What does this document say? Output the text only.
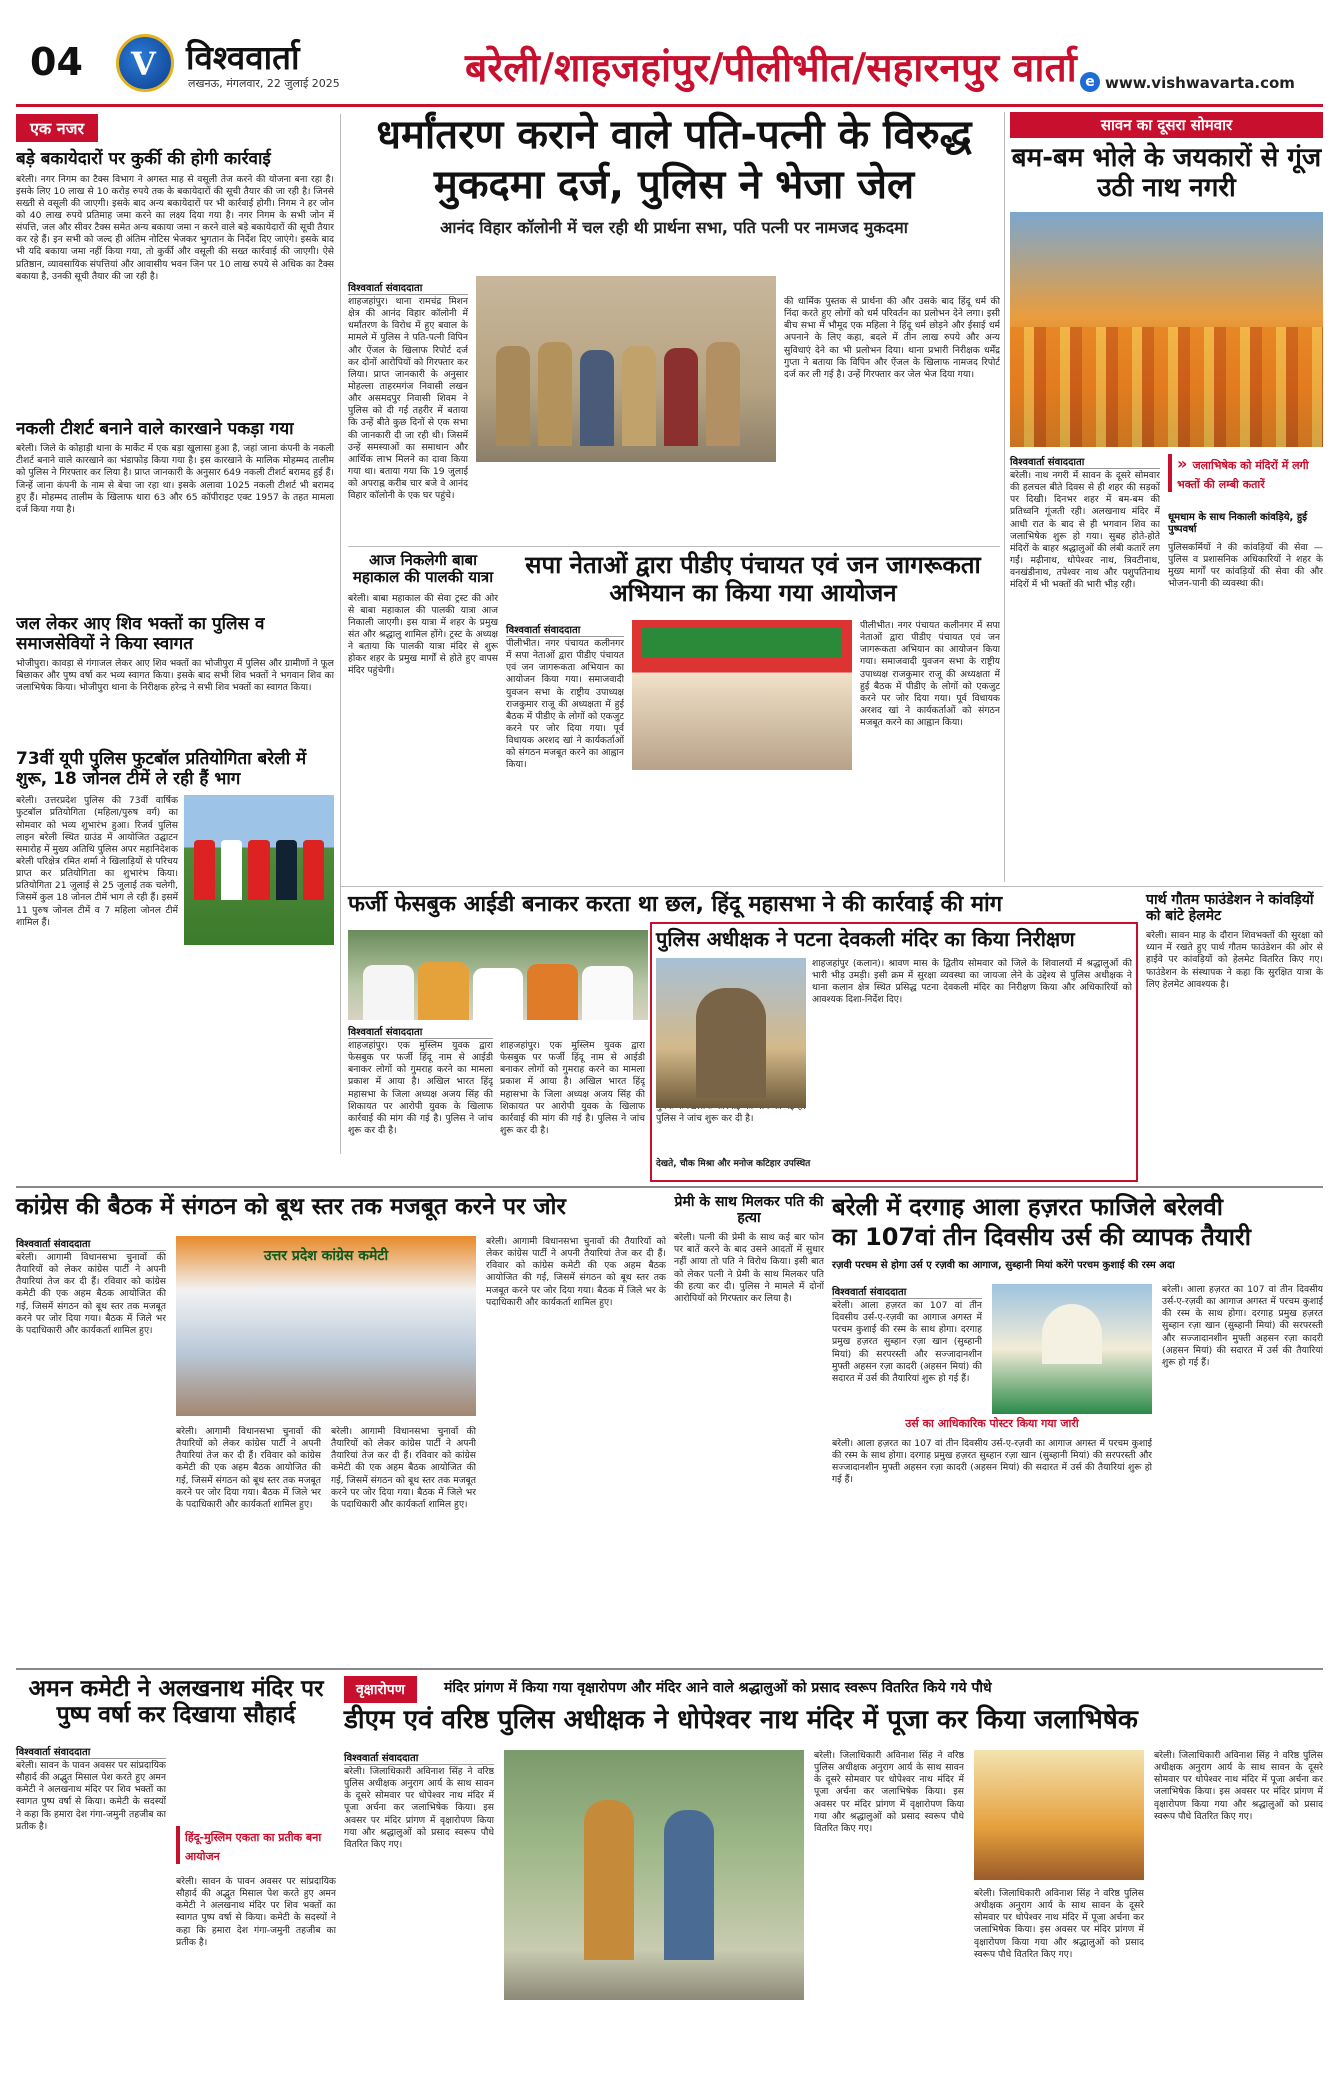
04 V विश्ववार्ता
लखनऊ, मंगलवार, 22 जुलाई 2025	बरेली/शाहजहांपुर/पीलीभीत/सहारनपुर वार्ता e www.vishwavarta.com
एक नजर
बड़े बकायेदारों पर कुर्की की होगी कार्रवाई
बरेली। नगर निगम का टैक्स विभाग ने अगस्त माह से वसूली तेज करने की योजना बना रहा है। इसके लिए 10 लाख से 10 करोड़ रुपये तक के बकायेदारों की सूची तैयार की जा रही है। जिनसे सख्ती से वसूली की जाएगी। इसके बाद अन्य बकायेदारों पर भी कार्रवाई होगी। निगम ने हर जोन को 40 लाख रुपये प्रतिमाह जमा करने का लक्ष्य दिया गया है। नगर निगम के सभी जोन में संपत्ति, जल और सीवर टैक्स समेत अन्य बकाया जमा न करने वाले बड़े बकायेदारों की सूची तैयार कर रहे हैं। इन सभी को जल्द ही अंतिम नोटिस भेजकर भुगतान के निर्देश दिए जाएंगे। इसके बाद भी यदि बकाया जमा नहीं किया गया, तो कुर्की और वसूली की सख्त कार्रवाई की जाएगी। ऐसे प्रतिष्ठान, व्यावसायिक संपत्तियां और आवासीय भवन जिन पर 10 लाख रुपये से अधिक का टैक्स बकाया है, उनकी सूची तैयार की जा रही है।
नकली टीशर्ट बनाने वाले कारखाने पकड़ा गया
बरेली। जिले के कोहाड़ी थाना के मार्केट में एक बड़ा खुलासा हुआ है, जहां जाना कंपनी के नकली टीशर्ट बनाने वाले कारखाने का भंडाफोड़ किया गया है। इस कारखाने के मालिक मोहम्मद तालीम को पुलिस ने गिरफ्तार कर लिया है। प्राप्त जानकारी के अनुसार 649 नकली टीशर्ट बरामद हुई हैं। जिन्हें जाना कंपनी के नाम से बेचा जा रहा था। इसके अलावा 1025 नकली टीशर्ट भी बरामद हुए हैं। मोहम्मद तालीम के खिलाफ धारा 63 और 65 कॉपीराइट एक्ट 1957 के तहत मामला दर्ज किया गया है।
जल लेकर आए शिव भक्तों का पुलिस व समाजसेवियों ने किया स्वागत
भोजीपुरा। कावड़ा से गंगाजल लेकर आए शिव भक्तों का भोजीपुरा में पुलिस और ग्रामीणों ने फूल बिछाकर और पुष्प वर्षा कर भव्य स्वागत किया। इसके बाद सभी शिव भक्तों ने भगवान शिव का जलाभिषेक किया। भोजीपुरा थाना के निरीक्षक हरेन्द्र ने सभी शिव भक्तों का स्वागत किया।
73वीं यूपी पुलिस फुटबॉल प्रतियोगिता बरेली में शुरू, 18 जोनल टीमें ले रही हैं भाग
बरेली। उत्तरप्रदेश पुलिस की 73वीं वार्षिक फुटबॉल प्रतियोगिता (महिला/पुरुष वर्ग) का सोमवार को भव्य शुभारंभ हुआ। रिजर्व पुलिस लाइन बरेली स्थित ग्राउंड में आयोजित उद्घाटन समारोह में मुख्य अतिथि पुलिस अपर महानिदेशक बरेली परिक्षेत्र रमित शर्मा ने खिलाड़ियों से परिचय प्राप्त कर प्रतियोगिता का शुभारंभ किया। प्रतियोगिता 21 जुलाई से 25 जुलाई तक चलेगी, जिसमें कुल 18 जोनल टीमें भाग ले रही हैं। इसमें 11 पुरुष जोनल टीमें व 7 महिला जोनल टीमें शामिल हैं।
धर्मांतरण कराने वाले पति-पत्नी के विरुद्ध
मुकदमा दर्ज, पुलिस ने भेजा जेल
आनंद विहार कॉलोनी में चल रही थी प्रार्थना सभा, पति पत्नी पर नामजद मुकदमा
विश्ववार्ता संवाददाता
शाहजहांपुर। थाना रामचंद्र मिशन क्षेत्र की आनंद विहार कॉलोनी में धर्मांतरण के विरोध में हुए बवाल के मामले में पुलिस ने पति-पत्नी विपिन और ऐंजल के खिलाफ रिपोर्ट दर्ज कर दोनों आरोपियों को गिरफ्तार कर लिया। प्राप्त जानकारी के अनुसार मोहल्ला ताहरमगंज निवासी लखन और असमदपुर निवासी शिवम ने पुलिस को दी गई तहरीर में बताया कि उन्हें बीते कुछ दिनों से एक सभा की जानकारी दी जा रही थी। जिसमें उन्हें समस्याओं का समाधान और आर्थिक लाभ मिलने का दावा किया गया था। बताया गया कि 19 जुलाई को अपराह्न करीब चार बजे वे आनंद विहार कॉलोनी के एक घर पहुंचे।
की धार्मिक पुस्तक से प्रार्थना की और उसके बाद हिंदू धर्म की निंदा करते हुए लोगों को धर्म परिवर्तन का प्रलोभन देने लगा। इसी बीच सभा में भौमूद एक महिला ने हिंदू धर्म छोड़ने और ईसाई धर्म अपनाने के लिए कहा, बदले में तीन लाख रुपये और अन्य सुविधाएं देने का भी प्रलोभन दिया। थाना प्रभारी निरीक्षक धर्मेंद्र गुप्ता ने बताया कि विपिन और ऐंजल के खिलाफ नामजद रिपोर्ट दर्ज कर ली गई है। उन्हें गिरफ्तार कर जेल भेज दिया गया।
सावन का दूसरा सोमवार
बम-बम भोले के जयकारों से गूंज उठी नाथ नगरी
विश्ववार्ता संवाददाता
बरेली। नाथ नगरी में सावन के दूसरे सोमवार की हलचल बीते दिवस से ही शहर की सड़कों पर दिखी। दिनभर शहर में बम-बम की प्रतिध्वनि गूंजती रही। अलखनाथ मंदिर में आधी रात के बाद से ही भगवान शिव का जलाभिषेक शुरू हो गया। सुबह होते-होते मंदिरों के बाहर श्रद्धालुओं की लंबी कतारें लग गईं। मढ़ीनाथ, धोपेश्वर नाथ, त्रिवटीनाथ, वनखंडीनाथ, तपेश्वर नाथ और पशुपतिनाथ मंदिरों में भी भक्तों की भारी भीड़ रही।
» जलाभिषेक को मंदिरों में लगी भक्तों की लम्बी कतारें
धूमधाम के साथ निकाली कांवड़िये, हुई पुष्पवर्षा
पुलिसकर्मियों ने की कांवड़ियों की सेवा — पुलिस व प्रशासनिक अधिकारियों ने शहर के मुख्य मार्गों पर कांवड़ियों की सेवा की और भोजन-पानी की व्यवस्था की।
आज निकलेगी बाबा महाकाल की पालकी यात्रा
बरेली। बाबा महाकाल की सेवा ट्रस्ट की ओर से बाबा महाकाल की पालकी यात्रा आज निकाली जाएगी। इस यात्रा में शहर के प्रमुख संत और श्रद्धालु शामिल होंगे। ट्रस्ट के अध्यक्ष ने बताया कि पालकी यात्रा मंदिर से शुरू होकर शहर के प्रमुख मार्गों से होते हुए वापस मंदिर पहुंचेगी।
सपा नेताओं द्वारा पीडीए पंचायत एवं जन जागरूकता अभियान का किया गया आयोजन
विश्ववार्ता संवाददाता
पीलीभीत। नगर पंचायत कलीनगर में सपा नेताओं द्वारा पीडीए पंचायत एवं जन जागरूकता अभियान का आयोजन किया गया। समाजवादी युवजन सभा के राष्ट्रीय उपाध्यक्ष राजकुमार राजू की अध्यक्षता में हुई बैठक में पीडीए के लोगों को एकजुट करने पर जोर दिया गया। पूर्व विधायक अरशद खां ने कार्यकर्ताओं को संगठन मजबूत करने का आह्वान किया।
पीलीभीत। नगर पंचायत कलीनगर में सपा नेताओं द्वारा पीडीए पंचायत एवं जन जागरूकता अभियान का आयोजन किया गया। समाजवादी युवजन सभा के राष्ट्रीय उपाध्यक्ष राजकुमार राजू की अध्यक्षता में हुई बैठक में पीडीए के लोगों को एकजुट करने पर जोर दिया गया। पूर्व विधायक अरशद खां ने कार्यकर्ताओं को संगठन मजबूत करने का आह्वान किया।
फर्जी फेसबुक आईडी बनाकर करता था छल, हिंदू महासभा ने की कार्रवाई की मांग
विश्ववार्ता संवाददाता
शाहजहांपुर। एक मुस्लिम युवक द्वारा फेसबुक पर फर्जी हिंदू नाम से आईडी बनाकर लोगों को गुमराह करने का मामला प्रकाश में आया है। अखिल भारत हिंदू महासभा के जिला अध्यक्ष अजय सिंह की शिकायत पर आरोपी युवक के खिलाफ कार्रवाई की मांग की गई है। पुलिस ने जांच शुरू कर दी है।
शाहजहांपुर। एक मुस्लिम युवक द्वारा फेसबुक पर फर्जी हिंदू नाम से आईडी बनाकर लोगों को गुमराह करने का मामला प्रकाश में आया है। अखिल भारत हिंदू महासभा के जिला अध्यक्ष अजय सिंह की शिकायत पर आरोपी युवक के खिलाफ कार्रवाई की मांग की गई है। पुलिस ने जांच शुरू कर दी है।
पुलिस ने जांच शुरू कर दी है।
पुलिस अधीक्षक ने पटना देवकली मंदिर का किया निरीक्षण
शाहजहांपुर (कलान)। श्रावण मास के द्वितीय सोमवार को जिले के शिवालयों में श्रद्धालुओं की भारी भीड़ उमड़ी। इसी क्रम में सुरक्षा व्यवस्था का जायजा लेने के उद्देश्य से पुलिस अधीक्षक ने थाना कलान क्षेत्र स्थित प्रसिद्ध पटना देवकली मंदिर का निरीक्षण किया और अधिकारियों को आवश्यक दिशा-निर्देश दिए।
देखते, चौक मिश्रा और मनोज कटिहार उपस्थित
पार्थ गौतम फाउंडेशन ने कांवड़ियों को बांटे हेलमेट
बरेली। सावन माह के दौरान शिवभक्तों की सुरक्षा को ध्यान में रखते हुए पार्थ गौतम फाउंडेशन की ओर से हाईवे पर कांवड़ियों को हेलमेट वितरित किए गए। फाउंडेशन के संस्थापक ने कहा कि सुरक्षित यात्रा के लिए हेलमेट आवश्यक है।
कांग्रेस की बैठक में संगठन को बूथ स्तर तक मजबूत करने पर जोर
विश्ववार्ता संवाददाता
बरेली। आगामी विधानसभा चुनावों की तैयारियों को लेकर कांग्रेस पार्टी ने अपनी तैयारियां तेज कर दी हैं। रविवार को कांग्रेस कमेटी की एक अहम बैठक आयोजित की गई, जिसमें संगठन को बूथ स्तर तक मजबूत करने पर जोर दिया गया। बैठक में जिले भर के पदाधिकारी और कार्यकर्ता शामिल हुए।
उत्तर प्रदेश कांग्रेस कमेटी
बरेली। आगामी विधानसभा चुनावों की तैयारियों को लेकर कांग्रेस पार्टी ने अपनी तैयारियां तेज कर दी हैं। रविवार को कांग्रेस कमेटी की एक अहम बैठक आयोजित की गई, जिसमें संगठन को बूथ स्तर तक मजबूत करने पर जोर दिया गया। बैठक में जिले भर के पदाधिकारी और कार्यकर्ता शामिल हुए।
बरेली। आगामी विधानसभा चुनावों की तैयारियों को लेकर कांग्रेस पार्टी ने अपनी तैयारियां तेज कर दी हैं। रविवार को कांग्रेस कमेटी की एक अहम बैठक आयोजित की गई, जिसमें संगठन को बूथ स्तर तक मजबूत करने पर जोर दिया गया। बैठक में जिले भर के पदाधिकारी और कार्यकर्ता शामिल हुए।
बरेली। आगामी विधानसभा चुनावों की तैयारियों को लेकर कांग्रेस पार्टी ने अपनी तैयारियां तेज कर दी हैं। रविवार को कांग्रेस कमेटी की एक अहम बैठक आयोजित की गई, जिसमें संगठन को बूथ स्तर तक मजबूत करने पर जोर दिया गया। बैठक में जिले भर के पदाधिकारी और कार्यकर्ता शामिल हुए।
प्रेमी के साथ मिलकर पति की हत्या
बरेली। पत्नी की प्रेमी के साथ कई बार फोन पर बातें करने के बाद उसने आदतों में सुधार नहीं आया तो पति ने विरोध किया। इसी बात को लेकर पत्नी ने प्रेमी के साथ मिलकर पति की हत्या कर दी। पुलिस ने मामले में दोनों आरोपियों को गिरफ्तार कर लिया है।
बरेली में दरगाह आला हज़रत फाजिले बरेलवी
का 107वां तीन दिवसीय उर्स की व्यापक तैयारी
रज़वी परचम से होगा उर्स ए रज़वी का आगाज, सुब्हानी मियां करेंगे परचम कुशाई की रस्म अदा
विश्ववार्ता संवाददाता
बरेली। आला हज़रत का 107 वां तीन दिवसीय उर्स-ए-रज़वी का आगाज अगस्त में परचम कुशाई की रस्म के साथ होगा। दरगाह प्रमुख हज़रत सुब्हान रज़ा खान (सुब्हानी मियां) की सरपरस्ती और सज्जादानशीन मुफ्ती अहसन रज़ा कादरी (अहसन मियां) की सदारत में उर्स की तैयारियां शुरू हो गई हैं।
बरेली। आला हज़रत का 107 वां तीन दिवसीय उर्स-ए-रज़वी का आगाज अगस्त में परचम कुशाई की रस्म के साथ होगा। दरगाह प्रमुख हज़रत सुब्हान रज़ा खान (सुब्हानी मियां) की सरपरस्ती और सज्जादानशीन मुफ्ती अहसन रज़ा कादरी (अहसन मियां) की सदारत में उर्स की तैयारियां शुरू हो गई हैं।
उर्स का आधिकारिक पोस्टर किया गया जारी
बरेली। आला हज़रत का 107 वां तीन दिवसीय उर्स-ए-रज़वी का आगाज अगस्त में परचम कुशाई की रस्म के साथ होगा। दरगाह प्रमुख हज़रत सुब्हान रज़ा खान (सुब्हानी मियां) की सरपरस्ती और सज्जादानशीन मुफ्ती अहसन रज़ा कादरी (अहसन मियां) की सदारत में उर्स की तैयारियां शुरू हो गई हैं।
अमन कमेटी ने अलखनाथ मंदिर पर पुष्प वर्षा कर दिखाया सौहार्द
विश्ववार्ता संवाददाता
बरेली। सावन के पावन अवसर पर सांप्रदायिक सौहार्द की अद्भुत मिसाल पेश करते हुए अमन कमेटी ने अलखनाथ मंदिर पर शिव भक्तों का स्वागत पुष्प वर्षा से किया। कमेटी के सदस्यों ने कहा कि हमारा देश गंगा-जमुनी तहजीब का प्रतीक है।
हिंदू-मुस्लिम एकता का प्रतीक बना आयोजन
बरेली। सावन के पावन अवसर पर सांप्रदायिक सौहार्द की अद्भुत मिसाल पेश करते हुए अमन कमेटी ने अलखनाथ मंदिर पर शिव भक्तों का स्वागत पुष्प वर्षा से किया। कमेटी के सदस्यों ने कहा कि हमारा देश गंगा-जमुनी तहजीब का प्रतीक है।
वृक्षारोपण	मंदिर प्रांगण में किया गया वृक्षारोपण और मंदिर आने वाले श्रद्धालुओं को प्रसाद स्वरूप वितरित किये गये पौधे
डीएम एवं वरिष्ठ पुलिस अधीक्षक ने धोपेश्वर नाथ मंदिर में पूजा कर किया जलाभिषेक
विश्ववार्ता संवाददाता
बरेली। जिलाधिकारी अविनाश सिंह ने वरिष्ठ पुलिस अधीक्षक अनुराग आर्य के साथ सावन के दूसरे सोमवार पर धोपेश्वर नाथ मंदिर में पूजा अर्चना कर जलाभिषेक किया। इस अवसर पर मंदिर प्रांगण में वृक्षारोपण किया गया और श्रद्धालुओं को प्रसाद स्वरूप पौधे वितरित किए गए।
बरेली। जिलाधिकारी अविनाश सिंह ने वरिष्ठ पुलिस अधीक्षक अनुराग आर्य के साथ सावन के दूसरे सोमवार पर धोपेश्वर नाथ मंदिर में पूजा अर्चना कर जलाभिषेक किया। इस अवसर पर मंदिर प्रांगण में वृक्षारोपण किया गया और श्रद्धालुओं को प्रसाद स्वरूप पौधे वितरित किए गए।
बरेली। जिलाधिकारी अविनाश सिंह ने वरिष्ठ पुलिस अधीक्षक अनुराग आर्य के साथ सावन के दूसरे सोमवार पर धोपेश्वर नाथ मंदिर में पूजा अर्चना कर जलाभिषेक किया। इस अवसर पर मंदिर प्रांगण में वृक्षारोपण किया गया और श्रद्धालुओं को प्रसाद स्वरूप पौधे वितरित किए गए।
बरेली। जिलाधिकारी अविनाश सिंह ने वरिष्ठ पुलिस अधीक्षक अनुराग आर्य के साथ सावन के दूसरे सोमवार पर धोपेश्वर नाथ मंदिर में पूजा अर्चना कर जलाभिषेक किया। इस अवसर पर मंदिर प्रांगण में वृक्षारोपण किया गया और श्रद्धालुओं को प्रसाद स्वरूप पौधे वितरित किए गए।
